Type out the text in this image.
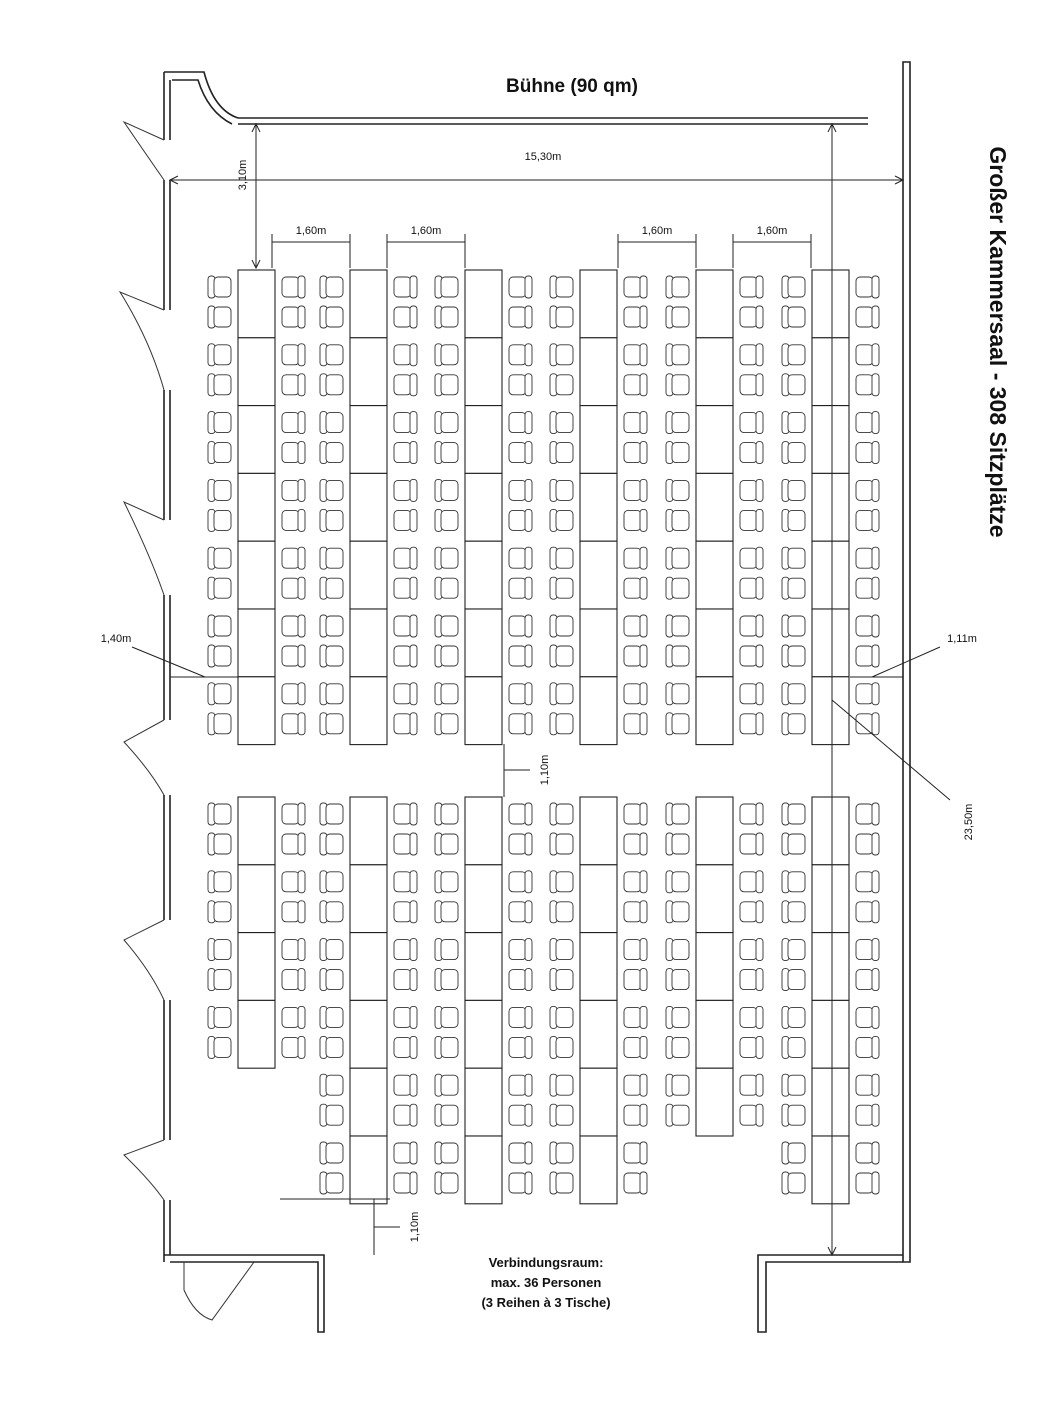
Bühne (90 qm)
Großer Kammersaal - 308 Sitzplätze
3,10m
15,30m
1,60m	1,60m	1,60m	1,60m
1,40m	1,11m
1,10m
1,10m
23,50m
Verbindungsraum:
max. 36 Personen
(3 Reihen à 3 Tische)
